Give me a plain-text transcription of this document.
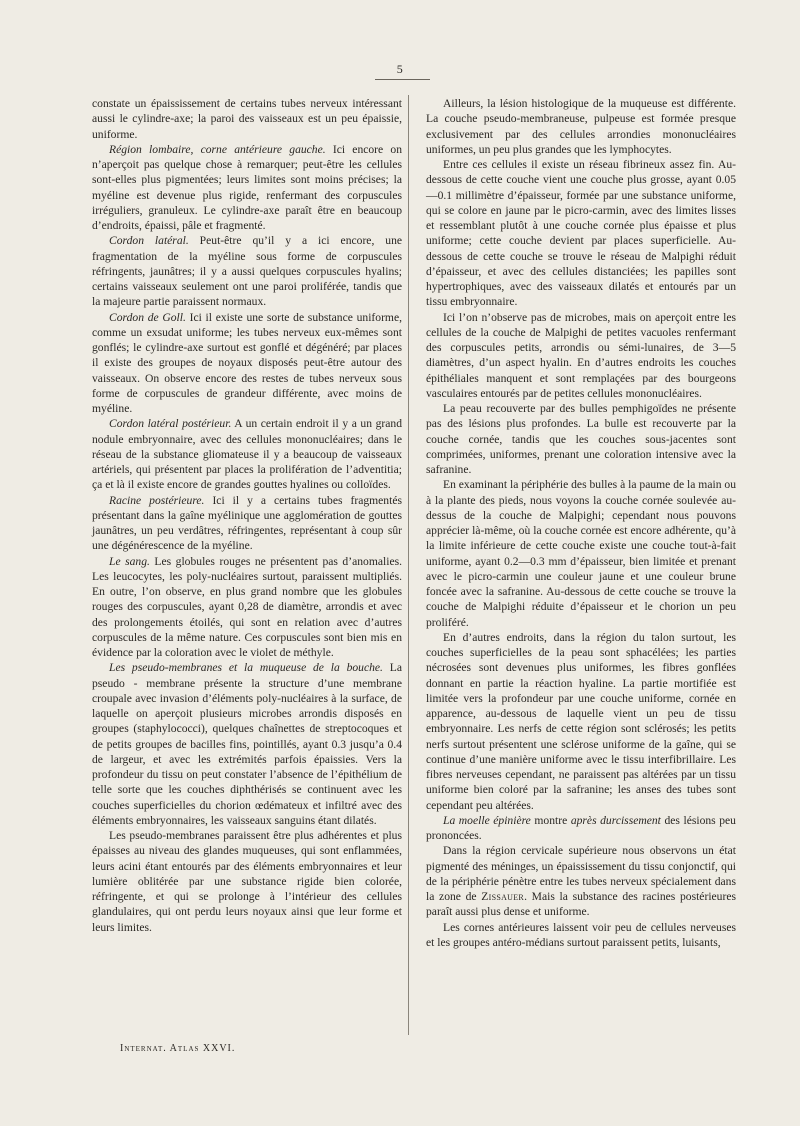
5

constate un épaississement de certains tubes nerveux intéressant aussi le cylindre-axe; la paroi des vaisseaux est un peu épaissie, uniforme.

Région lombaire, corne antérieure gauche. Ici encore on n’aperçoit pas quelque chose à remarquer; peut-être les cellules sont-elles plus pigmentées; leurs limites sont moins précises; la myéline est devenue plus rigide, renfermant des corpuscules irréguliers, granuleux. Le cylindre-axe paraît être en beaucoup d’endroits, épaissi, pâle et fragmenté.

Cordon latéral. Peut-être qu’il y a ici encore, une fragmentation de la myéline sous forme de corpuscules réfringents, jaunâtres; il y a aussi quelques corpuscules hyalins; certains vaisseaux seulement ont une paroi proliférée, tandis que la majeure partie paraissent normaux.

Cordon de Goll. Ici il existe une sorte de substance uniforme, comme un exsudat uniforme; les tubes nerveux eux-mêmes sont gonflés; le cylindre-axe surtout est gonflé et dégénéré; par places il existe des groupes de noyaux disposés peut-être autour des vaisseaux. On observe encore des restes de tubes nerveux sous forme de corpuscules de grandeur différente, avec moins de myéline.

Cordon latéral postérieur. A un certain endroit il y a un grand nodule embryonnaire, avec des cellules mononucléaires; dans le réseau de la substance gliomateuse il y a beaucoup de vaisseaux artériels, qui présentent par places la prolifération de l’adventitia; ça et là il existe encore de grandes gouttes hyalines ou colloïdes.

Racine postérieure. Ici il y a certains tubes fragmentés présentant dans la gaîne myélinique une agglomération de gouttes jaunâtres, un peu verdâtres, réfringentes, représentant à coup sûr une dégénérescence de la myéline.

Le sang. Les globules rouges ne présentent pas d’anomalies. Les leucocytes, les poly-nucléaires surtout, paraissent multipliés. En outre, l’on observe, en plus grand nombre que les globules rouges des corpuscules, ayant 0,28 de diamètre, arrondis et avec des prolongements étoilés, qui sont en relation avec d’autres corpuscules de la même nature. Ces corpuscules sont bien mis en évidence par la coloration avec le violet de méthyle.

Les pseudo-membranes et la muqueuse de la bouche. La pseudo - membrane présente la structure d’une membrane croupale avec invasion d’éléments poly-nucléaires à la surface, de laquelle on aperçoit plusieurs microbes arrondis disposés en groupes (staphylococci), quelques chaînettes de streptocoques et de petits groupes de bacilles fins, pointillés, ayant 0.3 jusqu’a 0.4 de largeur, et avec les extrémités parfois épaissies. Vers la profondeur du tissu on peut constater l’absence de l’épithélium de telle sorte que les couches diphthérisés se continuent avec les couches superficielles du chorion œdémateux et infiltré avec des éléments embryonnaires, les vaisseaux sanguins étant dilatés.

Les pseudo-membranes paraissent être plus adhérentes et plus épaisses au niveau des glandes muqueuses, qui sont enflammées, leurs acini étant entourés par des éléments embryonnaires et leur lumière oblitérée par une substance rigide bien colorée, réfringente, et qui se prolonge à l’intérieur des cellules glandulaires, qui ont perdu leurs noyaux ainsi que leur forme et leurs limites.

Ailleurs, la lésion histologique de la muqueuse est différente. La couche pseudo-membraneuse, pulpeuse est formée presque exclusivement par des cellules arrondies mononucléaires uniformes, un peu plus grandes que les lymphocytes.

Entre ces cellules il existe un réseau fibrineux assez fin. Au-dessous de cette couche vient une couche plus grosse, ayant 0.05—0.1 millimètre d’épaisseur, formée par une substance uniforme, qui se colore en jaune par le picro-carmin, avec des limites lisses et ressemblant plutôt à une couche cornée plus épaisse et plus uniforme; cette couche devient par places superficielle. Au-dessous de cette couche se trouve le réseau de Malpighi réduit d’épaisseur, et avec des cellules distanciées; les papilles sont hypertrophiques, avec des vaisseaux dilatés et entourés par un tissu embryonnaire.

Ici l’on n’observe pas de microbes, mais on aperçoit entre les cellules de la couche de Malpighi de petites vacuoles renfermant des corpuscules petits, arrondis ou sémi-lunaires, de 3—5 diamètres, d’un aspect hyalin. En d’autres endroits les couches épithéliales manquent et sont remplaçées par des bourgeons vasculaires entourés par de petites cellules mononucléaires.

La peau recouverte par des bulles pemphigoïdes ne présente pas des lésions plus profondes. La bulle est recouverte par la couche cornée, tandis que les couches sous-jacentes sont comprimées, uniformes, prenant une coloration intensive avec la safranine.

En examinant la périphérie des bulles à la paume de la main ou à la plante des pieds, nous voyons la couche cornée soulevée au-dessus de la couche de Malpighi; cependant nous pouvons apprécier là-même, où la couche cornée est encore adhérente, qu’à la limite inférieure de cette couche existe une couche tout-à-fait uniforme, ayant 0.2—0.3 mm d’épaisseur, bien limitée et prenant avec le picro-carmin une couleur jaune et une couleur brune foncée avec la safranine. Au-dessous de cette couche se trouve la couche de Malpighi réduite d’épaisseur et le chorion un peu proliféré.

En d’autres endroits, dans la région du talon surtout, les couches superficielles de la peau sont sphacélées; les parties nécrosées sont devenues plus uniformes, les fibres gonflées donnant en partie la réaction hyaline. La partie mortifiée est limitée vers la profondeur par une couche uniforme, cornée en apparence, au-dessous de laquelle vient un peu de tissu embryonnaire. Les nerfs de cette région sont sclérosés; les petits nerfs surtout présentent une sclérose uniforme de la gaîne, qui se continue d’une manière uniforme avec le tissu interfibrillaire. Les fibres nerveuses cependant, ne paraissent pas altérées par un tissu uniforme bien coloré par la safranine; les anses des tubes sont cependant peu altérées.

La moelle épinière montre après durcissement des lésions peu prononcées.

Dans la région cervicale supérieure nous observons un état pigmenté des méninges, un épaississement du tissu conjonctif, qui de la périphérie pénètre entre les tubes nerveux spécialement dans la zone de Zissauer. Mais la substance des racines postérieures paraît aussi plus dense et uniforme.

Les cornes antérieures laissent voir peu de cellules nerveuses et les groupes antéro-médians surtout paraissent petits, luisants,

Internat. Atlas XXVI.
